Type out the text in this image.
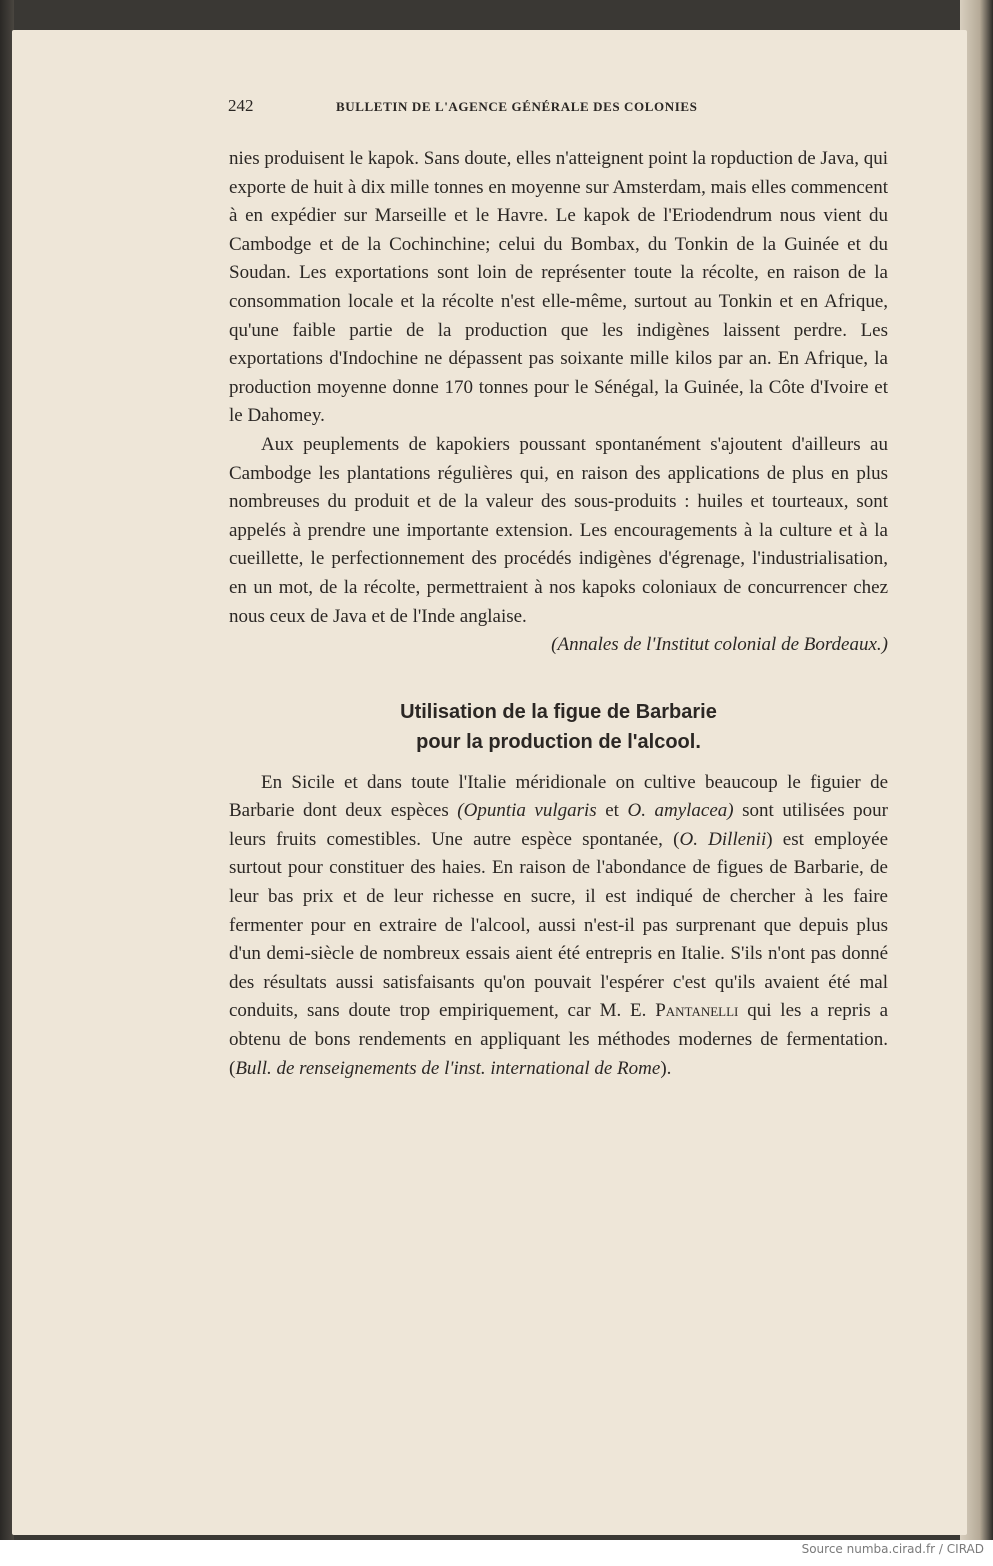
242	BULLETIN DE L'AGENCE GÉNÉRALE DES COLONIES

nies produisent le kapok. Sans doute, elles n'atteignent point la ropduction de Java, qui exporte de huit à dix mille tonnes en moyenne sur Amsterdam, mais elles commencent à en expédier sur Marseille et le Havre. Le kapok de l'Eriodendrum nous vient du Cambodge et de la Cochinchine; celui du Bombax, du Tonkin de la Guinée et du Soudan. Les exportations sont loin de représenter toute la récolte, en raison de la consommation locale et la récolte n'est elle-même, surtout au Tonkin et en Afrique, qu'une faible partie de la production que les indigènes laissent perdre. Les exportations d'Indochine ne dépassent pas soixante mille kilos par an. En Afrique, la production moyenne donne 170 tonnes pour le Sénégal, la Guinée, la Côte d'Ivoire et le Dahomey.

Aux peuplements de kapokiers poussant spontanément s'ajoutent d'ailleurs au Cambodge les plantations régulières qui, en raison des applications de plus en plus nombreuses du produit et de la valeur des sous-produits : huiles et tourteaux, sont appelés à prendre une importante extension. Les encouragements à la culture et à la cueillette, le perfectionnement des procédés indigènes d'égrenage, l'industrialisation, en un mot, de la récolte, permettraient à nos kapoks coloniaux de concurrencer chez nous ceux de Java et de l'Inde anglaise.

(Annales de l'Institut colonial de Bordeaux.)

Utilisation de la figue de Barbarie
pour la production de l'alcool.

En Sicile et dans toute l'Italie méridionale on cultive beaucoup le figuier de Barbarie dont deux espèces (Opuntia vulgaris et O. amylacea) sont utilisées pour leurs fruits comestibles. Une autre espèce spontanée, (O. Dillenii) est employée surtout pour constituer des haies. En raison de l'abondance de figues de Barbarie, de leur bas prix et de leur richesse en sucre, il est indiqué de chercher à les faire fermenter pour en extraire de l'alcool, aussi n'est-il pas surprenant que depuis plus d'un demi-siècle de nombreux essais aient été entrepris en Italie. S'ils n'ont pas donné des résultats aussi satisfaisants qu'on pouvait l'espérer c'est qu'ils avaient été mal conduits, sans doute trop empiriquement, car M. E. Pantanelli qui les a repris a obtenu de bons rendements en appliquant les méthodes modernes de fermentation. (Bull. de renseignements de l'inst. international de Rome).

Source numba.cirad.fr / CIRAD
